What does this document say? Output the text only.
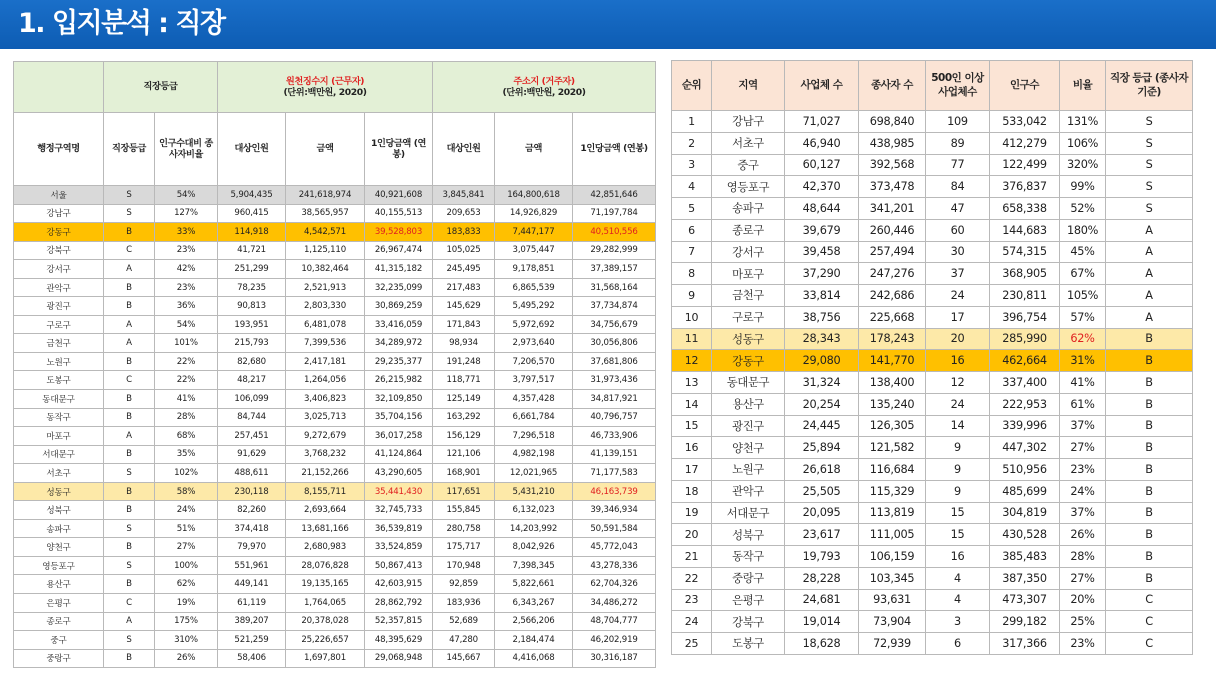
1. 입지분석 : 직장
	직장등급		원천징수지 (근무자)
(단위:백만원, 2020)			주소지 (거주자)
(단위:백만원, 2020)		
행정구역명	직장등급	인구수대비 종사자비율	대상인원	금액	1인당금액 (연봉)	대상인원	금액	1인당금액 (연봉)
서울	S	54%	5,904,435	241,618,974	40,921,608	3,845,841	164,800,618	42,851,646
강남구	S	127%	960,415	38,565,957	40,155,513	209,653	14,926,829	71,197,784
강동구	B	33%	114,918	4,542,571	39,528,803	183,833	7,447,177	40,510,556
강북구	C	23%	41,721	1,125,110	26,967,474	105,025	3,075,447	29,282,999
강서구	A	42%	251,299	10,382,464	41,315,182	245,495	9,178,851	37,389,157
관악구	B	23%	78,235	2,521,913	32,235,099	217,483	6,865,539	31,568,164
광진구	B	36%	90,813	2,803,330	30,869,259	145,629	5,495,292	37,734,874
구로구	A	54%	193,951	6,481,078	33,416,059	171,843	5,972,692	34,756,679
금천구	A	101%	215,793	7,399,536	34,289,972	98,934	2,973,640	30,056,806
노원구	B	22%	82,680	2,417,181	29,235,377	191,248	7,206,570	37,681,806
도봉구	C	22%	48,217	1,264,056	26,215,982	118,771	3,797,517	31,973,436
동대문구	B	41%	106,099	3,406,823	32,109,850	125,149	4,357,428	34,817,921
동작구	B	28%	84,744	3,025,713	35,704,156	163,292	6,661,784	40,796,757
마포구	A	68%	257,451	9,272,679	36,017,258	156,129	7,296,518	46,733,906
서대문구	B	35%	91,629	3,768,232	41,124,864	121,106	4,982,198	41,139,151
서초구	S	102%	488,611	21,152,266	43,290,605	168,901	12,021,965	71,177,583
성동구	B	58%	230,118	8,155,711	35,441,430	117,651	5,431,210	46,163,739
성북구	B	24%	82,260	2,693,664	32,745,733	155,845	6,132,023	39,346,934
송파구	S	51%	374,418	13,681,166	36,539,819	280,758	14,203,992	50,591,584
양천구	B	27%	79,970	2,680,983	33,524,859	175,717	8,042,926	45,772,043
영등포구	S	100%	551,961	28,076,828	50,867,413	170,948	7,398,345	43,278,336
용산구	B	62%	449,141	19,135,165	42,603,915	92,859	5,822,661	62,704,326
은평구	C	19%	61,119	1,764,065	28,862,792	183,936	6,343,267	34,486,272
종로구	A	175%	389,207	20,378,028	52,357,815	52,689	2,566,206	48,704,777
중구	S	310%	521,259	25,226,657	48,395,629	47,280	2,184,474	46,202,919
중랑구	B	26%	58,406	1,697,801	29,068,948	145,667	4,416,068	30,316,187
순위	지역	사업체 수	종사자 수	500인 이상 사업체수	인구수	비율	직장 등급 (종사자 기준)
1	강남구	71,027	698,840	109	533,042	131%	S
2	서초구	46,940	438,985	89	412,279	106%	S
3	중구	60,127	392,568	77	122,499	320%	S
4	영등포구	42,370	373,478	84	376,837	99%	S
5	송파구	48,644	341,201	47	658,338	52%	S
6	종로구	39,679	260,446	60	144,683	180%	A
7	강서구	39,458	257,494	30	574,315	45%	A
8	마포구	37,290	247,276	37	368,905	67%	A
9	금천구	33,814	242,686	24	230,811	105%	A
10	구로구	38,756	225,668	17	396,754	57%	A
11	성동구	28,343	178,243	20	285,990	62%	B
12	강동구	29,080	141,770	16	462,664	31%	B
13	동대문구	31,324	138,400	12	337,400	41%	B
14	용산구	20,254	135,240	24	222,953	61%	B
15	광진구	24,445	126,305	14	339,996	37%	B
16	양천구	25,894	121,582	9	447,302	27%	B
17	노원구	26,618	116,684	9	510,956	23%	B
18	관악구	25,505	115,329	9	485,699	24%	B
19	서대문구	20,095	113,819	15	304,819	37%	B
20	성북구	23,617	111,005	15	430,528	26%	B
21	동작구	19,793	106,159	16	385,483	28%	B
22	중랑구	28,228	103,345	4	387,350	27%	B
23	은평구	24,681	93,631	4	473,307	20%	C
24	강북구	19,014	73,904	3	299,182	25%	C
25	도봉구	18,628	72,939	6	317,366	23%	C
